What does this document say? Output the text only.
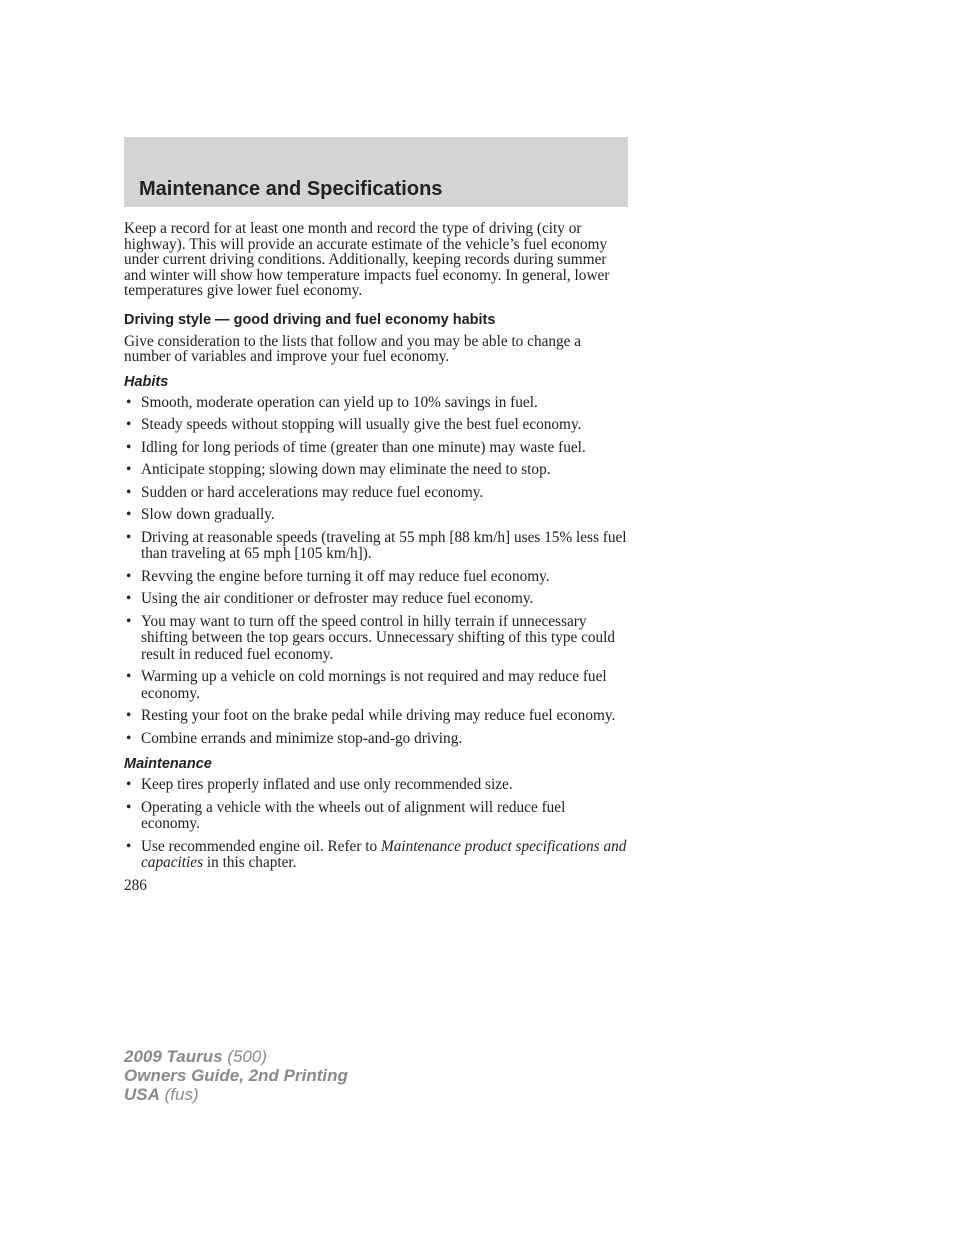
Maintenance and Specifications

Keep a record for at least one month and record the type of driving (city or highway). This will provide an accurate estimate of the vehicle’s fuel economy under current driving conditions. Additionally, keeping records during summer and winter will show how temperature impacts fuel economy. In general, lower temperatures give lower fuel economy.

Driving style — good driving and fuel economy habits

Give consideration to the lists that follow and you may be able to change a number of variables and improve your fuel economy.

Habits
• Smooth, moderate operation can yield up to 10% savings in fuel.
• Steady speeds without stopping will usually give the best fuel economy.
• Idling for long periods of time (greater than one minute) may waste fuel.
• Anticipate stopping; slowing down may eliminate the need to stop.
• Sudden or hard accelerations may reduce fuel economy.
• Slow down gradually.
• Driving at reasonable speeds (traveling at 55 mph [88 km/h] uses 15% less fuel than traveling at 65 mph [105 km/h]).
• Revving the engine before turning it off may reduce fuel economy.
• Using the air conditioner or defroster may reduce fuel economy.
• You may want to turn off the speed control in hilly terrain if unnecessary shifting between the top gears occurs. Unnecessary shifting of this type could result in reduced fuel economy.
• Warming up a vehicle on cold mornings is not required and may reduce fuel economy.
• Resting your foot on the brake pedal while driving may reduce fuel economy.
• Combine errands and minimize stop-and-go driving.
Maintenance
• Keep tires properly inflated and use only recommended size.
• Operating a vehicle with the wheels out of alignment will reduce fuel economy.
• Use recommended engine oil. Refer to Maintenance product specifications and capacities in this chapter.

286

2009 Taurus (500)
Owners Guide, 2nd Printing
USA (fus)
